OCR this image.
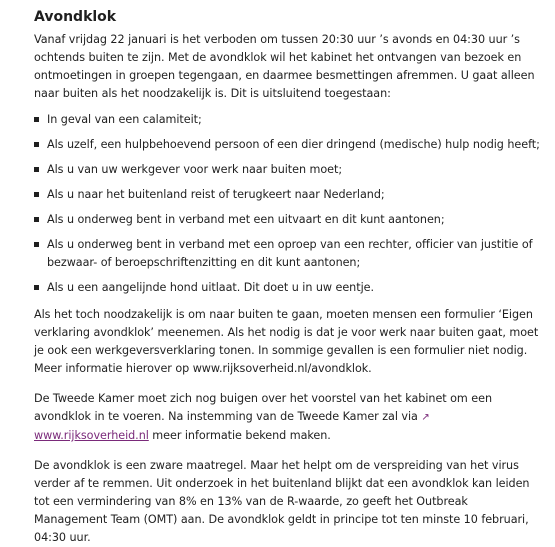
Avondklok

Vanaf vrijdag 22 januari is het verboden om tussen 20:30 uur ’s avonds en 04:30 uur ’s ochtends buiten te zijn. Met de avondklok wil het kabinet het ontvangen van bezoek en ontmoetingen in groepen tegengaan, en daarmee besmettingen afremmen. U gaat alleen naar buiten als het noodzakelijk is. Dit is uitsluitend toegestaan:

In geval van een calamiteit;
Als uzelf, een hulpbehoevend persoon of een dier dringend (medische) hulp nodig heeft;
Als u van uw werkgever voor werk naar buiten moet;
Als u naar het buitenland reist of terugkeert naar Nederland;
Als u onderweg bent in verband met een uitvaart en dit kunt aantonen;
Als u onderweg bent in verband met een oproep van een rechter, officier van justitie of bezwaar- of beroepschriftenzitting en dit kunt aantonen;
Als u een aangelijnde hond uitlaat. Dit doet u in uw eentje.

Als het toch noodzakelijk is om naar buiten te gaan, moeten mensen een formulier ‘Eigen verklaring avondklok’ meenemen. Als het nodig is dat je voor werk naar buiten gaat, moet je ook een werkgeversverklaring tonen. In sommige gevallen is een formulier niet nodig. Meer informatie hierover op www.rijksoverheid.nl/avondklok.

De Tweede Kamer moet zich nog buigen over het voorstel van het kabinet om een avondklok in te voeren. Na instemming van de Tweede Kamer zal via ↗www.rijksoverheid.nl meer informatie bekend maken.

De avondklok is een zware maatregel. Maar het helpt om de verspreiding van het virus verder af te remmen. Uit onderzoek in het buitenland blijkt dat een avondklok kan leiden tot een vermindering van 8% en 13% van de R-waarde, zo geeft het Outbreak Management Team (OMT) aan. De avondklok geldt in principe tot ten minste 10 februari, 04:30 uur.
